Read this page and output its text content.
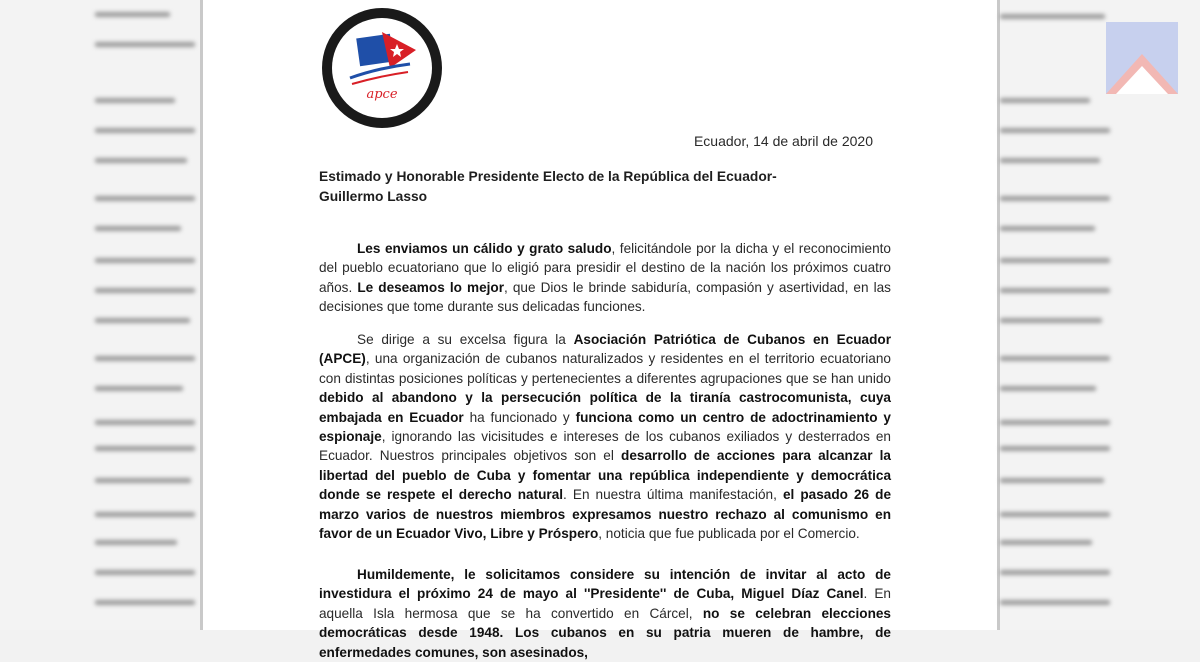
apce
Ecuador, 14 de abril de 2020
Estimado y Honorable Presidente Electo de la República del Ecuador-
Guillermo Lasso
Les enviamos un cálido y grato saludo, felicitándole por la dicha y el reconocimiento del pueblo ecuatoriano que lo eligió para presidir el destino de la nación los próximos cuatro años. Le deseamos lo mejor, que Dios le brinde sabiduría, compasión y asertividad, en las decisiones que tome durante sus delicadas funciones.
Se dirige a su excelsa figura la Asociación Patriótica de Cubanos en Ecuador (APCE), una organización de cubanos naturalizados y residentes en el territorio ecuatoriano con distintas posiciones políticas y pertenecientes a diferentes agrupaciones que se han unido debido al abandono y la persecución política de la tiranía castrocomunista, cuya embajada en Ecuador ha funcionado y funciona como un centro de adoctrinamiento y espionaje, ignorando las vicisitudes e intereses de los cubanos exiliados y desterrados en Ecuador. Nuestros principales objetivos son el desarrollo de acciones para alcanzar la libertad del pueblo de Cuba y fomentar una república independiente y democrática donde se respete el derecho natural. En nuestra última manifestación, el pasado 26 de marzo varios de nuestros miembros expresamos nuestro rechazo al comunismo en favor de un Ecuador Vivo, Libre y Próspero, noticia que fue publicada por el Comercio.
Humildemente, le solicitamos considere su intención de invitar al acto de investidura el próximo 24 de mayo al ''Presidente'' de Cuba, Miguel Díaz Canel. En aquella Isla hermosa que se ha convertido en Cárcel, no se celebran elecciones democráticas desde 1948. Los cubanos en su patria mueren de hambre, de enfermedades comunes, son asesinados,
